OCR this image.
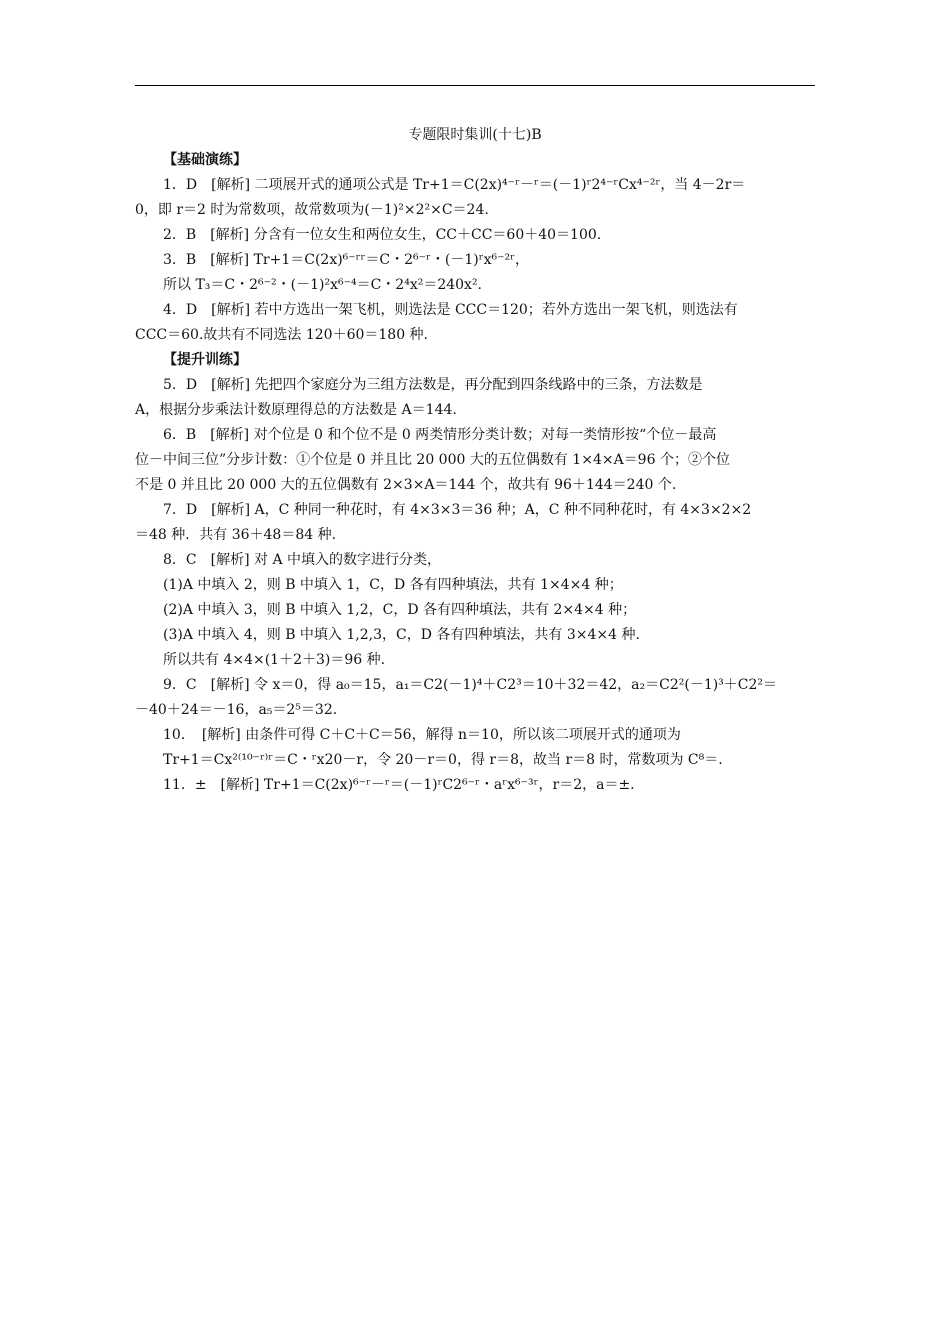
专题限时集训(十七)B
【基础演练】
1．D　[解析] 二项展开式的通项公式是 Tr+1＝C(2x)⁴⁻ʳ－ʳ＝(－1)ʳ2⁴⁻ʳCx⁴⁻²ʳ，当 4－2r＝
0，即 r＝2 时为常数项，故常数项为(－1)²×2²×C＝24.
2．B　[解析] 分含有一位女生和两位女生，CC＋CC＝60＋40＝100.
3．B　[解析] Tr+1＝C(2x)⁶⁻ʳʳ＝C・2⁶⁻ʳ・(－1)ʳx⁶⁻²ʳ，
所以 T₃＝C・2⁶⁻²・(－1)²x⁶⁻⁴＝C・2⁴x²＝240x².
4．D　[解析] 若中方选出一架飞机，则选法是 CCC＝120；若外方选出一架飞机，则选法有
CCC＝60.故共有不同选法 120＋60＝180 种.
【提升训练】
5．D　[解析] 先把四个家庭分为三组方法数是，再分配到四条线路中的三条，方法数是
A，根据分步乘法计数原理得总的方法数是 A＝144.
6．B　[解析] 对个位是 0 和个位不是 0 两类情形分类计数；对每一类情形按“个位－最高
位－中间三位”分步计数：①个位是 0 并且比 20 000 大的五位偶数有 1×4×A＝96 个；②个位
不是 0 并且比 20 000 大的五位偶数有 2×3×A＝144 个，故共有 96＋144＝240 个.
7．D　[解析] A，C 种同一种花时，有 4×3×3＝36 种；A，C 种不同种花时，有 4×3×2×2
＝48 种．共有 36＋48＝84 种.
8．C　[解析] 对 A 中填入的数字进行分类，
(1)A 中填入 2，则 B 中填入 1，C，D 各有四种填法，共有 1×4×4 种；
(2)A 中填入 3，则 B 中填入 1,2，C，D 各有四种填法，共有 2×4×4 种；
(3)A 中填入 4，则 B 中填入 1,2,3，C，D 各有四种填法，共有 3×4×4 种.
所以共有 4×4×(1＋2＋3)＝96 种.
9．C　[解析] 令 x＝0，得 a₀＝15，a₁＝C2(－1)⁴＋C2³＝10＋32＝42，a₂＝C2²(－1)³＋C2²＝
－40＋24＝－16，a₅＝2⁵＝32.
10．　[解析] 由条件可得 C＋C＋C＝56，解得 n＝10，所以该二项展开式的通项为
Tr+1＝Cx²⁽¹⁰⁻ʳ⁾ʳ＝C・ʳx20－r，令 20－r＝0，得 r＝8，故当 r＝8 时，常数项为 C⁸＝.
11．±　[解析] Tr+1＝C(2x)⁶⁻ʳ－ʳ＝(－1)ʳC2⁶⁻ʳ・aʳx⁶⁻³ʳ，r＝2，a＝±.
